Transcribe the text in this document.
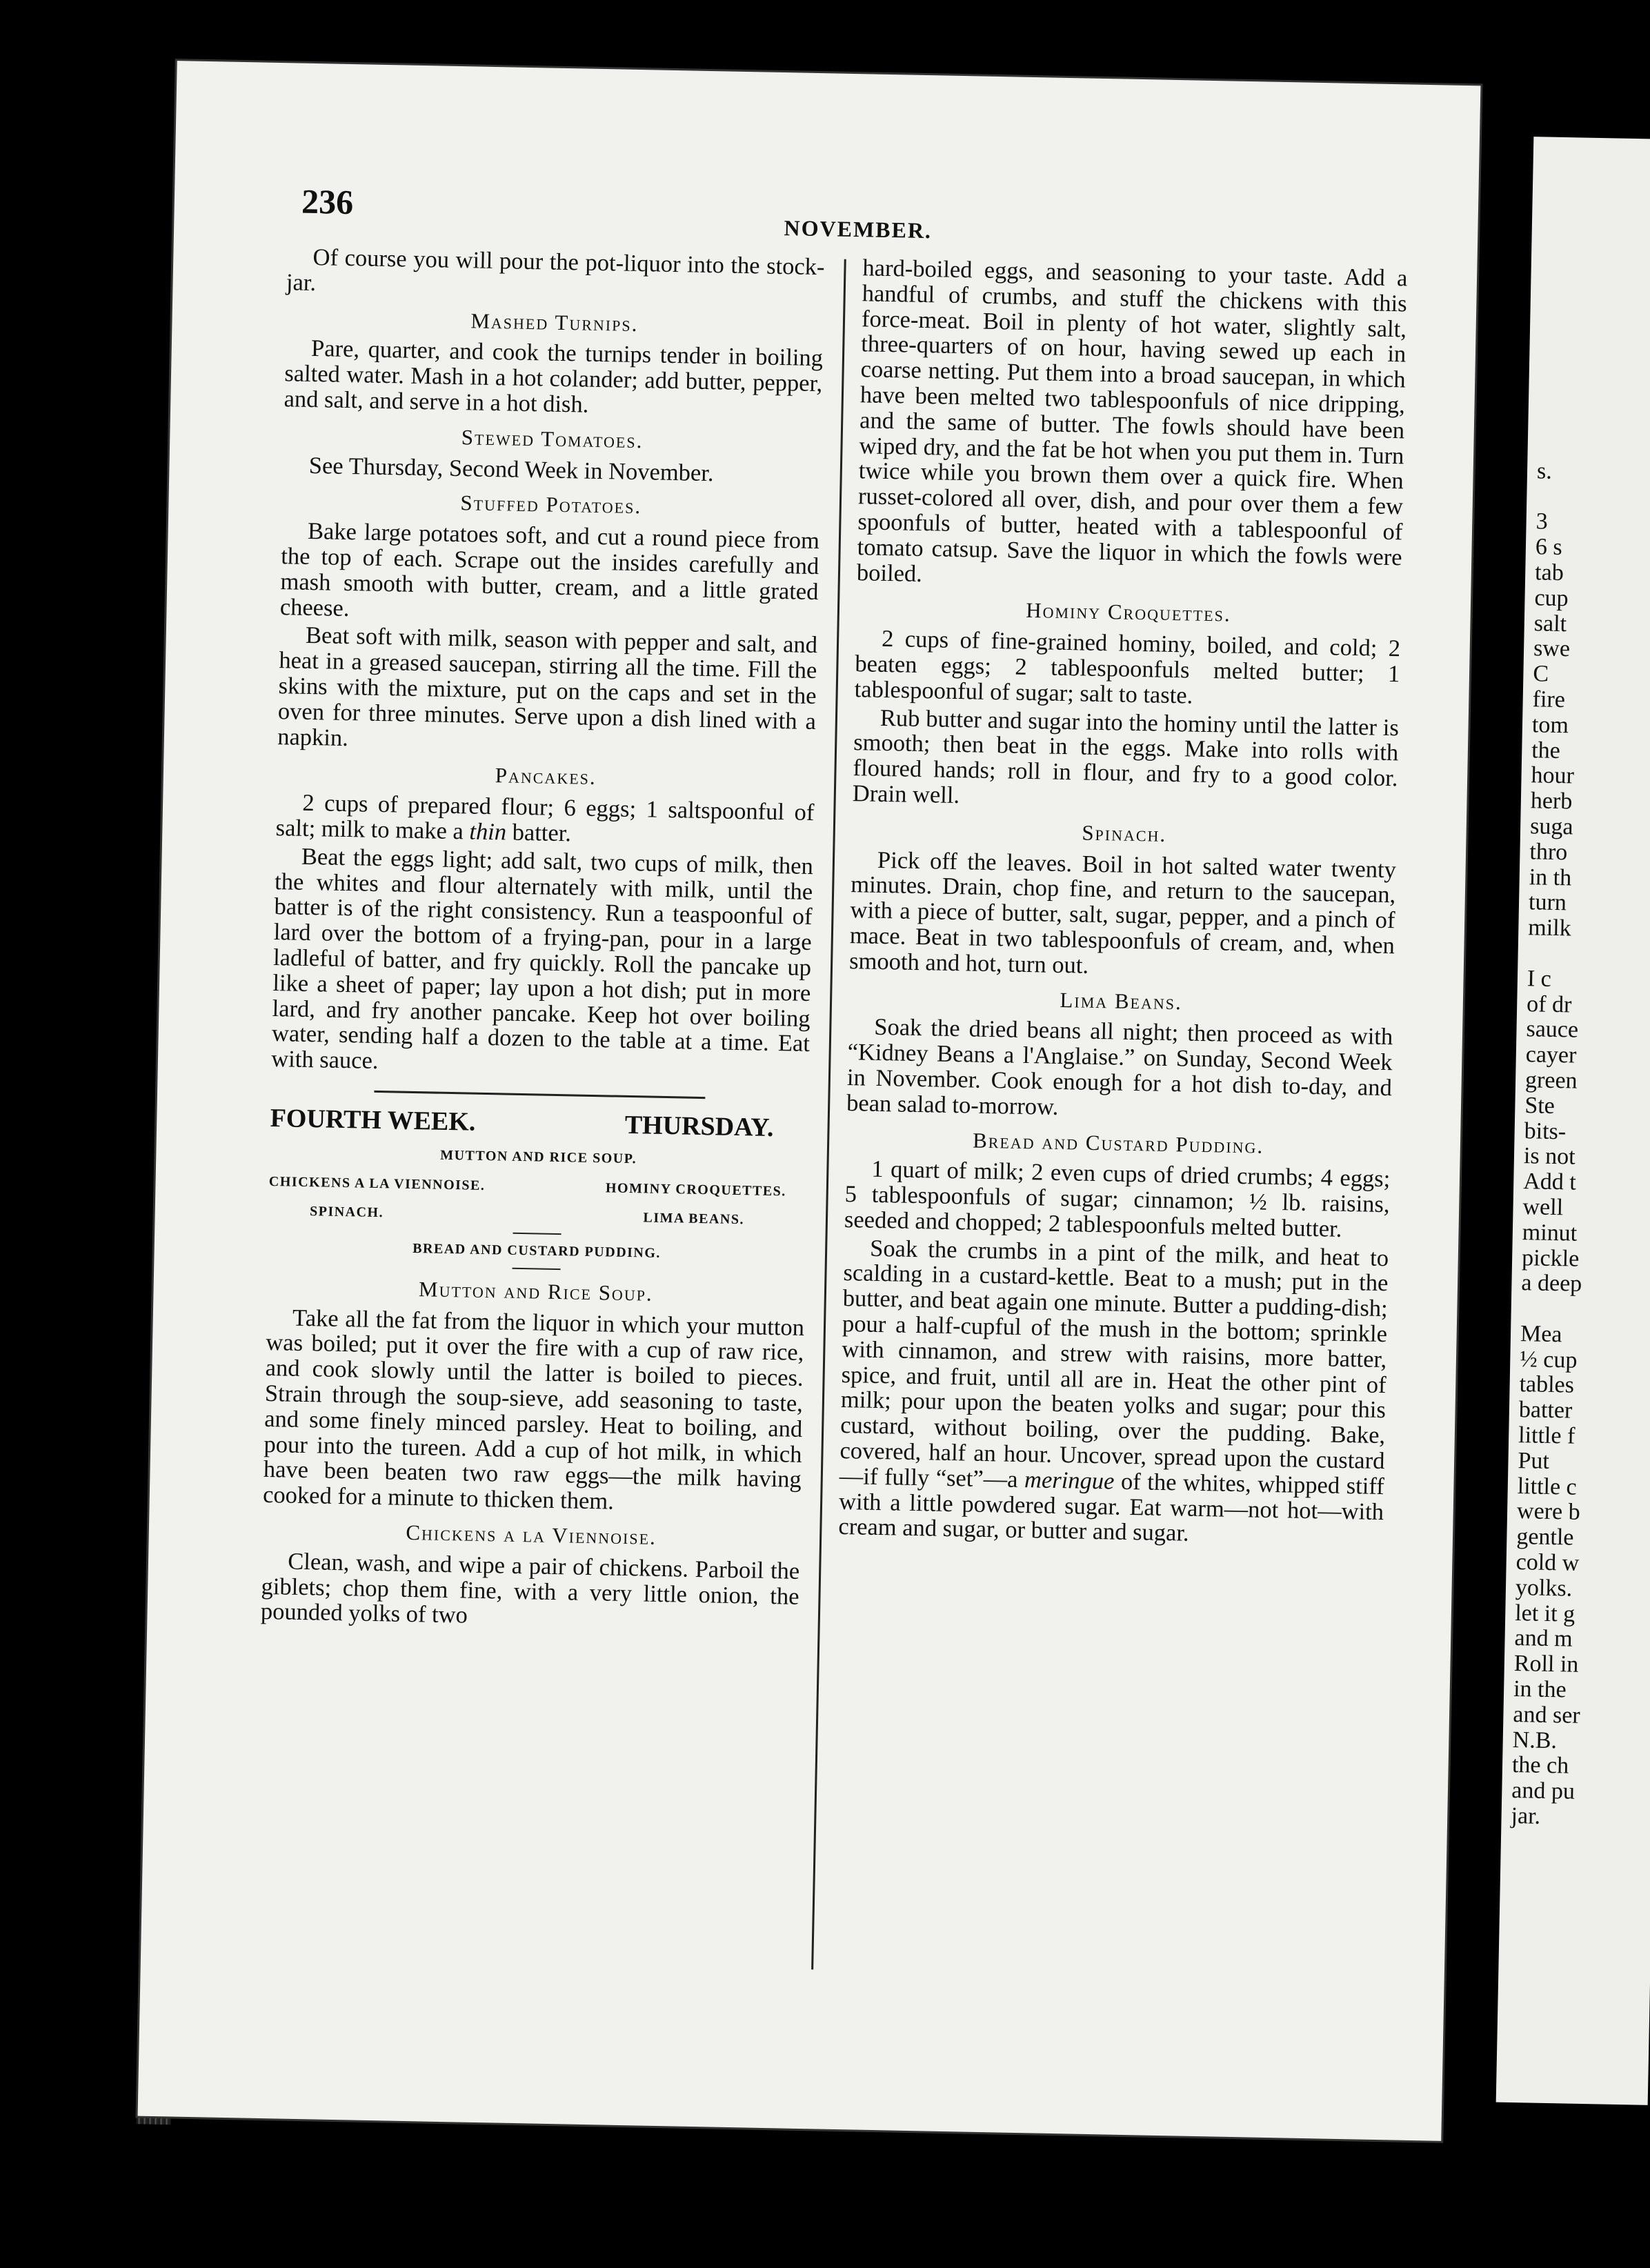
s.

3
6 s
tab
cup
salt
swe
C
fire
tom
the
hour
herb
suga
thro
in th
turn
milk

I c
of dr
sauce
cayer
green
Ste
bits-
is not
Add t
well
minut
pickle
a deep

Mea
½ cup
tables
batter
little f
Put
little c
were b
gentle
cold w
yolks.
let it g
and m
Roll in
in the
and ser
N.B.
the ch
and pu
jar.
236
NOVEMBER.

Of course you will pour the pot-liquor into the stock-jar.

Mashed Turnips.

Pare, quarter, and cook the turnips tender in boiling salted water. Mash in a hot colander; add butter, pepper, and salt, and serve in a hot dish.

Stewed Tomatoes.

See Thursday, Second Week in November.

Stuffed Potatoes.

Bake large potatoes soft, and cut a round piece from the top of each. Scrape out the insides carefully and mash smooth with butter, cream, and a little grated cheese.

Beat soft with milk, season with pepper and salt, and heat in a greased saucepan, stirring all the time. Fill the skins with the mixture, put on the caps and set in the oven for three minutes. Serve upon a dish lined with a napkin.

Pancakes.

2 cups of prepared flour; 6 eggs; 1 saltspoonful of salt; milk to make a thin batter.

Beat the eggs light; add salt, two cups of milk, then the whites and flour alternately with milk, until the batter is of the right consistency. Run a teaspoonful of lard over the bottom of a frying-pan, pour in a large ladleful of batter, and fry quickly. Roll the pancake up like a sheet of paper; lay upon a hot dish; put in more lard, and fry another pancake. Keep hot over boiling water, sending half a dozen to the table at a time. Eat with sauce.

FOURTH WEEK.	THURSDAY.
MUTTON AND RICE SOUP.
CHICKENS A LA VIENNOISE.	HOMINY CROQUETTES.
SPINACH.	LIMA BEANS.
BREAD AND CUSTARD PUDDING.
Mutton and Rice Soup.

Take all the fat from the liquor in which your mutton was boiled; put it over the fire with a cup of raw rice, and cook slowly until the latter is boiled to pieces. Strain through the soup-sieve, add seasoning to taste, and some finely minced parsley. Heat to boiling, and pour into the tureen. Add a cup of hot milk, in which have been beaten two raw eggs—the milk having cooked for a minute to thicken them.

Chickens a la Viennoise.

Clean, wash, and wipe a pair of chickens. Parboil the giblets; chop them fine, with a very little onion, the pounded yolks of two

hard-boiled eggs, and seasoning to your taste. Add a handful of crumbs, and stuff the chickens with this force-meat. Boil in plenty of hot water, slightly salt, three-quarters of on hour, having sewed up each in coarse netting. Put them into a broad saucepan, in which have been melted two tablespoonfuls of nice dripping, and the same of butter. The fowls should have been wiped dry, and the fat be hot when you put them in. Turn twice while you brown them over a quick fire. When russet-colored all over, dish, and pour over them a few spoonfuls of butter, heated with a tablespoonful of tomato catsup. Save the liquor in which the fowls were boiled.

Hominy Croquettes.

2 cups of fine-grained hominy, boiled, and cold; 2 beaten eggs; 2 tablespoonfuls melted butter; 1 tablespoonful of sugar; salt to taste.

Rub butter and sugar into the hominy until the latter is smooth; then beat in the eggs. Make into rolls with floured hands; roll in flour, and fry to a good color. Drain well.

Spinach.

Pick off the leaves. Boil in hot salted water twenty minutes. Drain, chop fine, and return to the saucepan, with a piece of butter, salt, sugar, pepper, and a pinch of mace. Beat in two tablespoonfuls of cream, and, when smooth and hot, turn out.

Lima Beans.

Soak the dried beans all night; then proceed as with “Kidney Beans a l'Anglaise.” on Sunday, Second Week in November. Cook enough for a hot dish to-day, and bean salad to-morrow.

Bread and Custard Pudding.

1 quart of milk; 2 even cups of dried crumbs; 4 eggs; 5 tablespoonfuls of sugar; cinnamon; ½ lb. raisins, seeded and chopped; 2 tablespoonfuls melted butter.

Soak the crumbs in a pint of the milk, and heat to scalding in a custard-kettle. Beat to a mush; put in the butter, and beat again one minute. Butter a pudding-dish; pour a half-cupful of the mush in the bottom; sprinkle with cinnamon, and strew with raisins, more batter, spice, and fruit, until all are in. Heat the other pint of milk; pour upon the beaten yolks and sugar; pour this custard, without boiling, over the pudding. Bake, covered, half an hour. Uncover, spread upon the custard—if fully “set”—a meringue of the whites, whipped stiff with a little powdered sugar. Eat warm—not hot—with cream and sugar, or butter and sugar.
